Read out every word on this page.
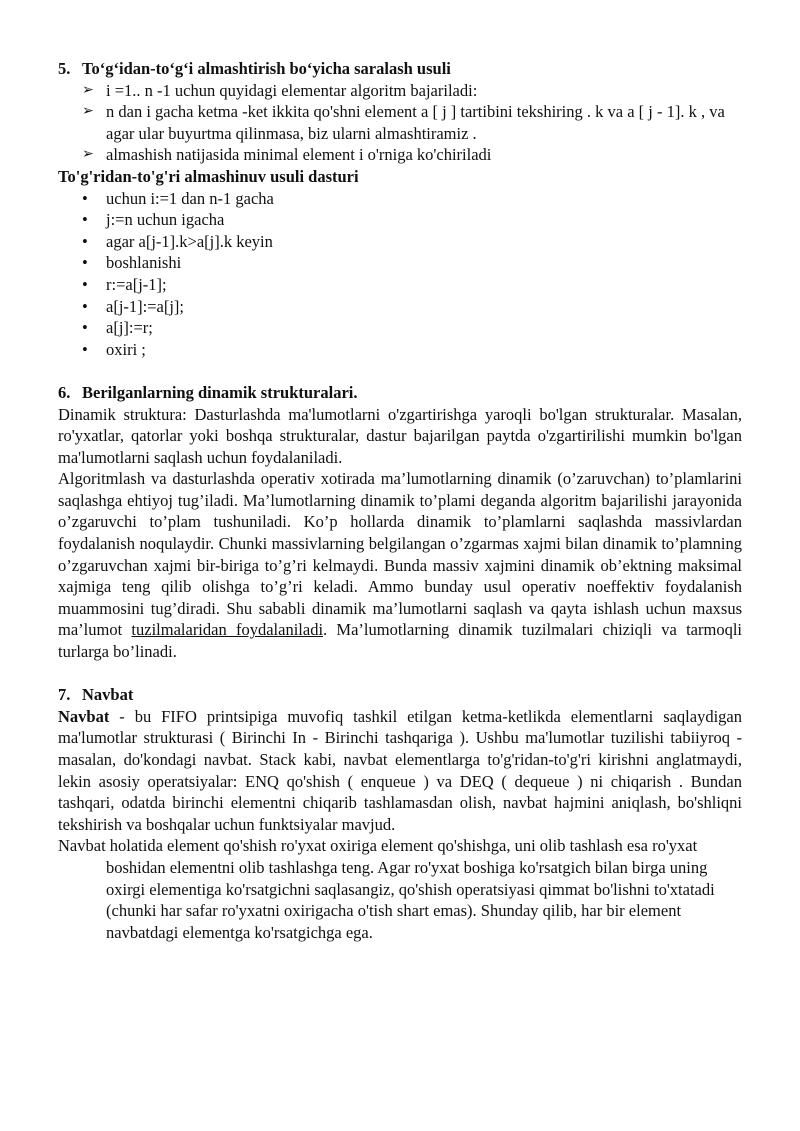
5. To‘g‘idan-to‘g‘i almashtirish bo‘yicha saralash usuli
➢ i =1.. n -1 uchun quyidagi elementar algoritm bajariladi:
➢ n dan i gacha ketma -ket ikkita qo'shni element a [ j ] tartibini tekshiring . k va a [ j - 1]. k , va agar ular buyurtma qilinmasa, biz ularni almashtiramiz .
➢ almashish natijasida minimal element i o'rniga ko'chiriladi

To'g'ridan-to'g'ri almashinuv usuli dasturi

• uchun i:=1 dan n-1 gacha
• j:=n uchun igacha
• agar a[j-1].k>a[j].k keyin
• boshlanishi
• r:=a[j-1];
• a[j-1]:=a[j];
• a[j]:=r;
• oxiri ;
6. Berilganlarning dinamik strukturalari.

Dinamik struktura: Dasturlashda ma'lumotlarni o'zgartirishga yaroqli bo'lgan strukturalar. Masalan, ro'yxatlar, qatorlar yoki boshqa strukturalar, dastur bajarilgan paytda o'zgartirilishi mumkin bo'lgan ma'lumotlarni saqlash uchun foydalaniladi.

Algoritmlash va dasturlashda operativ xotirada ma’lumotlarning dinamik (o’zaruvchan) to’plamlarini saqlashga ehtiyoj tug’iladi. Ma’lumotlarning dinamik to’plami deganda algoritm bajarilishi jarayonida o’zgaruvchi to’plam tushuniladi. Ko’p hollarda dinamik to’plamlarni saqlashda massivlardan foydalanish noqulaydir. Chunki massivlarning belgilangan o’zgarmas xajmi bilan dinamik to’plamning o’zgaruvchan xajmi bir-biriga to’g’ri kelmaydi. Bunda massiv xajmini dinamik ob’ektning maksimal xajmiga teng qilib olishga to’g’ri keladi. Ammo bunday usul operativ noeffektiv foydalanish muammosini tug’diradi. Shu sababli dinamik ma’lumotlarni saqlash va qayta ishlash uchun maxsus ma’lumot tuzilmalaridan foydalaniladi. Ma’lumotlarning dinamik tuzilmalari chiziqli va tarmoqli turlarga bo’linadi.

7. Navbat

Navbat - bu FIFO printsipiga muvofiq tashkil etilgan ketma-ketlikda elementlarni saqlaydigan ma'lumotlar strukturasi ( Birinchi In - Birinchi tashqariga ). Ushbu ma'lumotlar tuzilishi tabiiyroq - masalan, do'kondagi navbat. Stack kabi, navbat elementlarga to'g'ridan-to'g'ri kirishni anglatmaydi, lekin asosiy operatsiyalar: ENQ qo'shish ( enqueue ) va DEQ ( dequeue ) ni chiqarish . Bundan tashqari, odatda birinchi elementni chiqarib tashlamasdan olish, navbat hajmini aniqlash, bo'shliqni tekshirish va boshqalar uchun funktsiyalar mavjud.

Navbat holatida element qo'shish ro'yxat oxiriga element qo'shishga, uni olib tashlash esa ro'yxat boshidan elementni olib tashlashga teng. Agar ro'yxat boshiga ko'rsatgich bilan birga uning oxirgi elementiga ko'rsatgichni saqlasangiz, qo'shish operatsiyasi qimmat bo'lishni to'xtatadi (chunki har safar ro'yxatni oxirigacha o'tish shart emas). Shunday qilib, har bir element navbatdagi elementga ko'rsatgichga ega.
